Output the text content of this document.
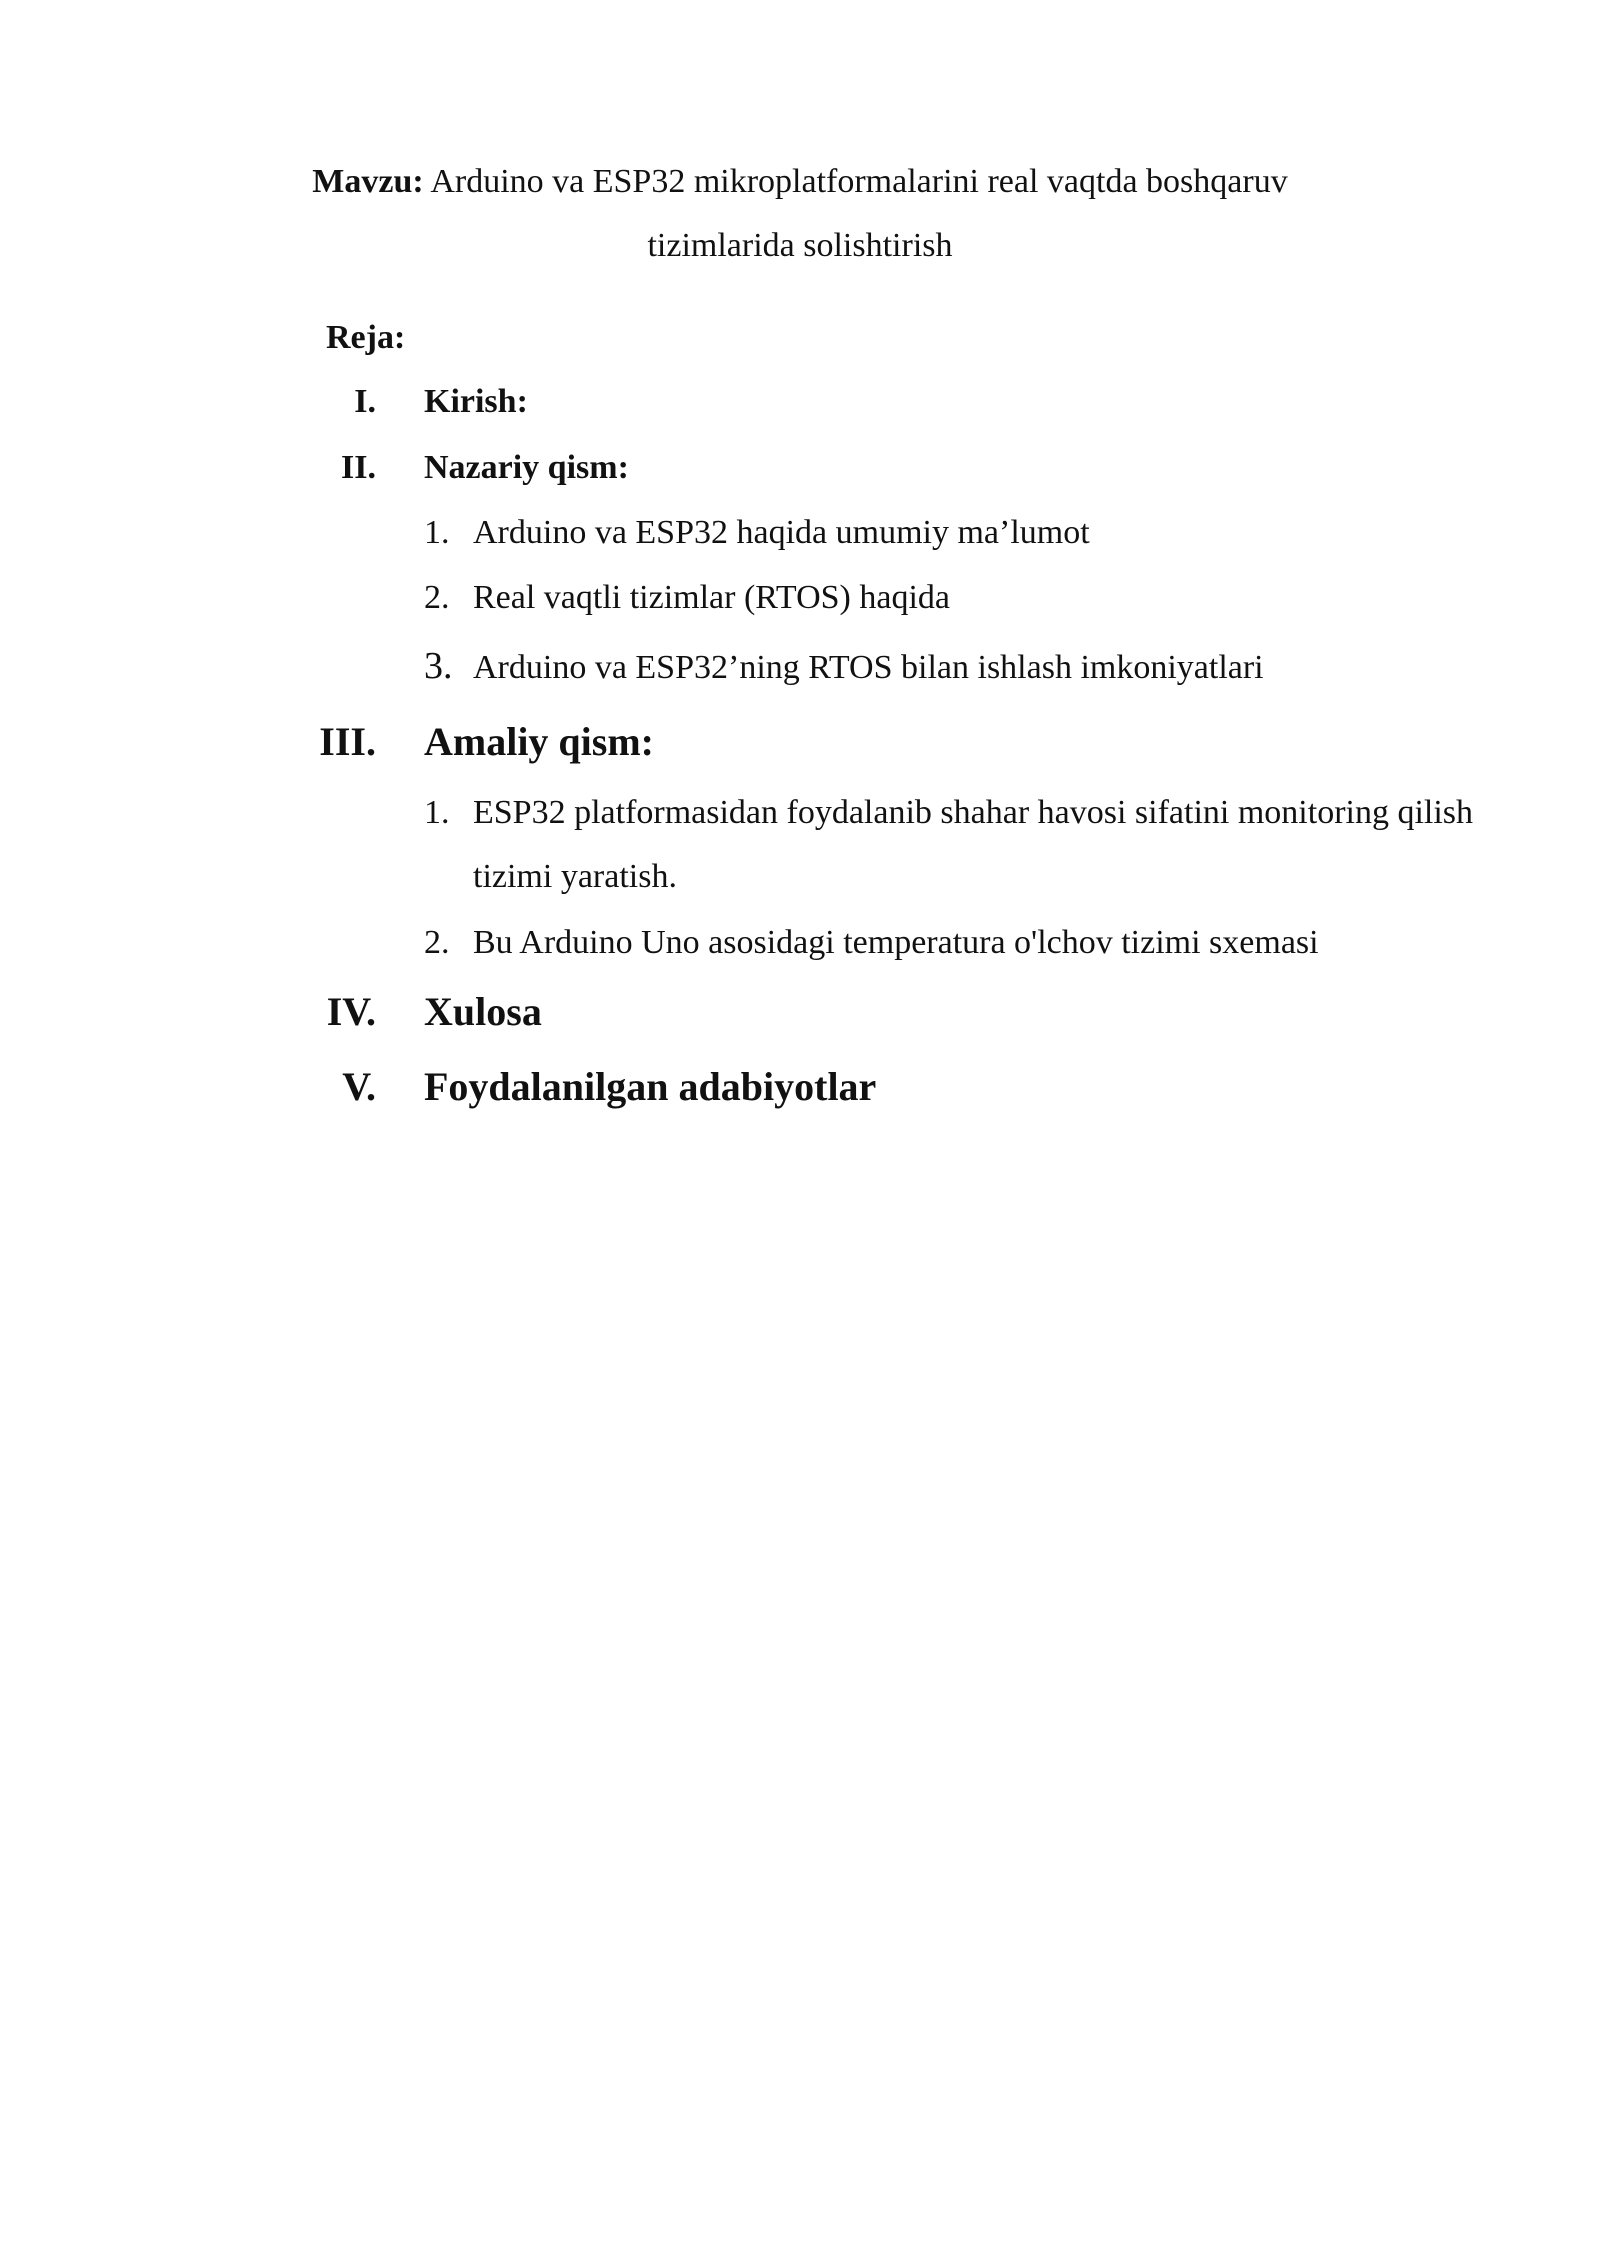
Mavzu: Arduino va ESP32 mikroplatformalarini real vaqtda boshqaruv tizimlarida solishtirish
Reja:
I. Kirish:
II. Nazariy qism:
1. Arduino va ESP32 haqida umumiy ma’lumot
2. Real vaqtli tizimlar (RTOS) haqida
3. Arduino va ESP32’ning RTOS bilan ishlash imkoniyatlari
III. Amaliy qism:
1. ESP32 platformasidan foydalanib shahar havosi sifatini monitoring qilish tizimi yaratish.
2. Bu Arduino Uno asosidagi temperatura o'lchov tizimi sxemasi
IV. Xulosa
V. Foydalanilgan adabiyotlar
